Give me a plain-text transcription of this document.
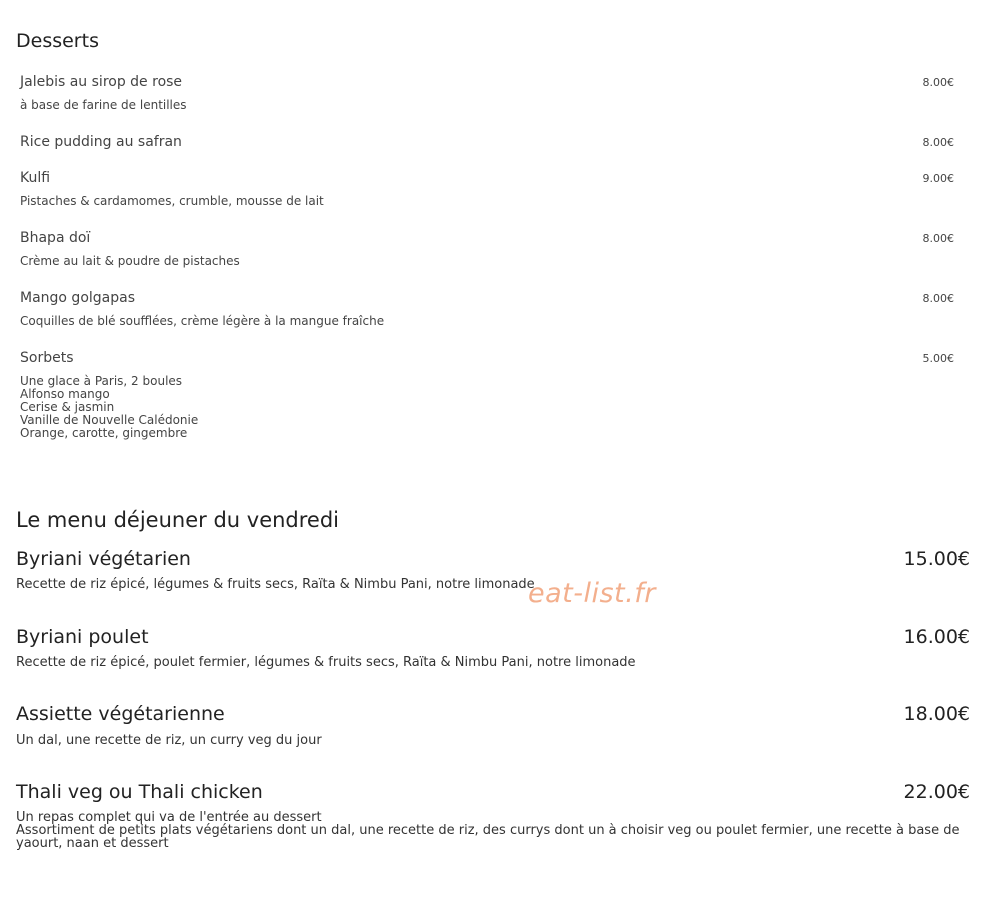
Desserts
Jalebis au sirop de rose	8.00€
à base de farine de lentilles
Rice pudding au safran	8.00€
Kulfi	9.00€
Pistaches & cardamomes, crumble, mousse de lait
Bhapa doï	8.00€
Crème au lait & poudre de pistaches
Mango golgapas	8.00€
Coquilles de blé soufflées, crème légère à la mangue fraîche
Sorbets	5.00€
Une glace à Paris, 2 boules
Alfonso mango
Cerise & jasmin
Vanille de Nouvelle Calédonie
Orange, carotte, gingembre
Le menu déjeuner du vendredi
Byriani végétarien	15.00€
Recette de riz épicé, légumes & fruits secs, Raïta & Nimbu Pani, notre limonade
Byriani poulet	16.00€
Recette de riz épicé, poulet fermier, légumes & fruits secs, Raïta & Nimbu Pani, notre limonade
Assiette végétarienne	18.00€
Un dal, une recette de riz, un curry veg du jour
Thali veg ou Thali chicken	22.00€
Un repas complet qui va de l'entrée au dessert
Assortiment de petits plats végétariens dont un dal, une recette de riz, des currys dont un à choisir veg ou poulet fermier, une recette à base de yaourt, naan et dessert
eat-list.fr
